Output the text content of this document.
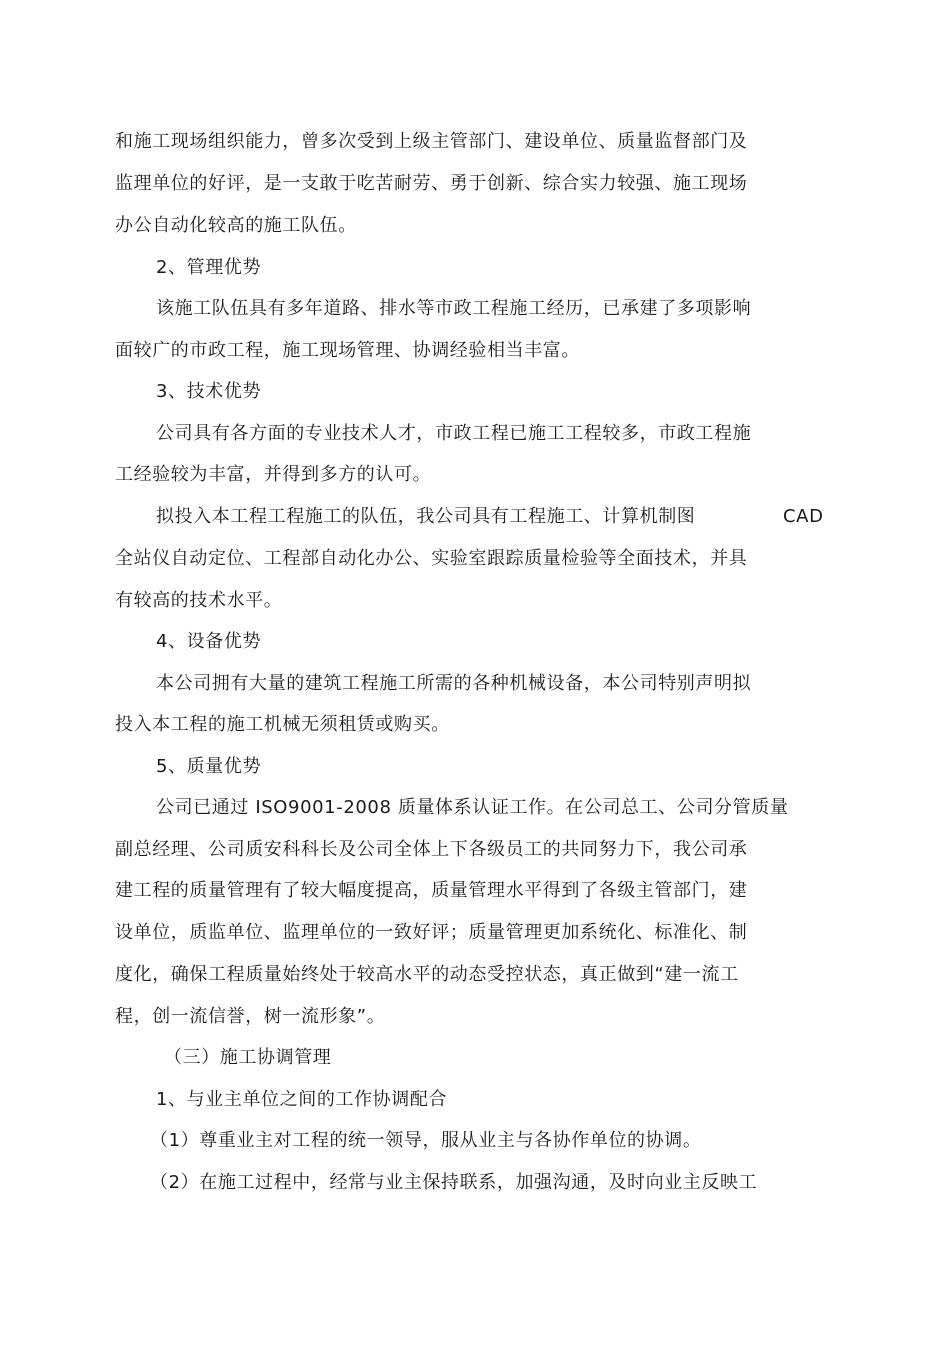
和施工现场组织能力，曾多次受到上级主管部门、建设单位、质量监督部门及
监理单位的好评，是一支敢于吃苦耐劳、勇于创新、综合实力较强、施工现场
办公自动化较高的施工队伍。
2、管理优势
该施工队伍具有多年道路、排水等市政工程施工经历，已承建了多项影响
面较广的市政工程，施工现场管理、协调经验相当丰富。
3、技术优势
公司具有各方面的专业技术人才，市政工程已施工工程较多，市政工程施
工经验较为丰富，并得到多方的认可。
拟投入本工程工程施工的队伍，我公司具有工程施工、计算机制图	CAD
全站仪自动定位、工程部自动化办公、实验室跟踪质量检验等全面技术，并具
有较高的技术水平。
4、设备优势
本公司拥有大量的建筑工程施工所需的各种机械设备，本公司特别声明拟
投入本工程的施工机械无须租赁或购买。
5、质量优势
公司已通过 ISO9001-2008 质量体系认证工作。在公司总工、公司分管质量
副总经理、公司质安科科长及公司全体上下各级员工的共同努力下，我公司承
建工程的质量管理有了较大幅度提高，质量管理水平得到了各级主管部门，建
设单位，质监单位、监理单位的一致好评；质量管理更加系统化、标准化、制
度化，确保工程质量始终处于较高水平的动态受控状态，真正做到“建一流工
程，创一流信誉，树一流形象”。
（三）施工协调管理
1、与业主单位之间的工作协调配合
（1）尊重业主对工程的统一领导，服从业主与各协作单位的协调。
（2）在施工过程中，经常与业主保持联系，加强沟通，及时向业主反映工
